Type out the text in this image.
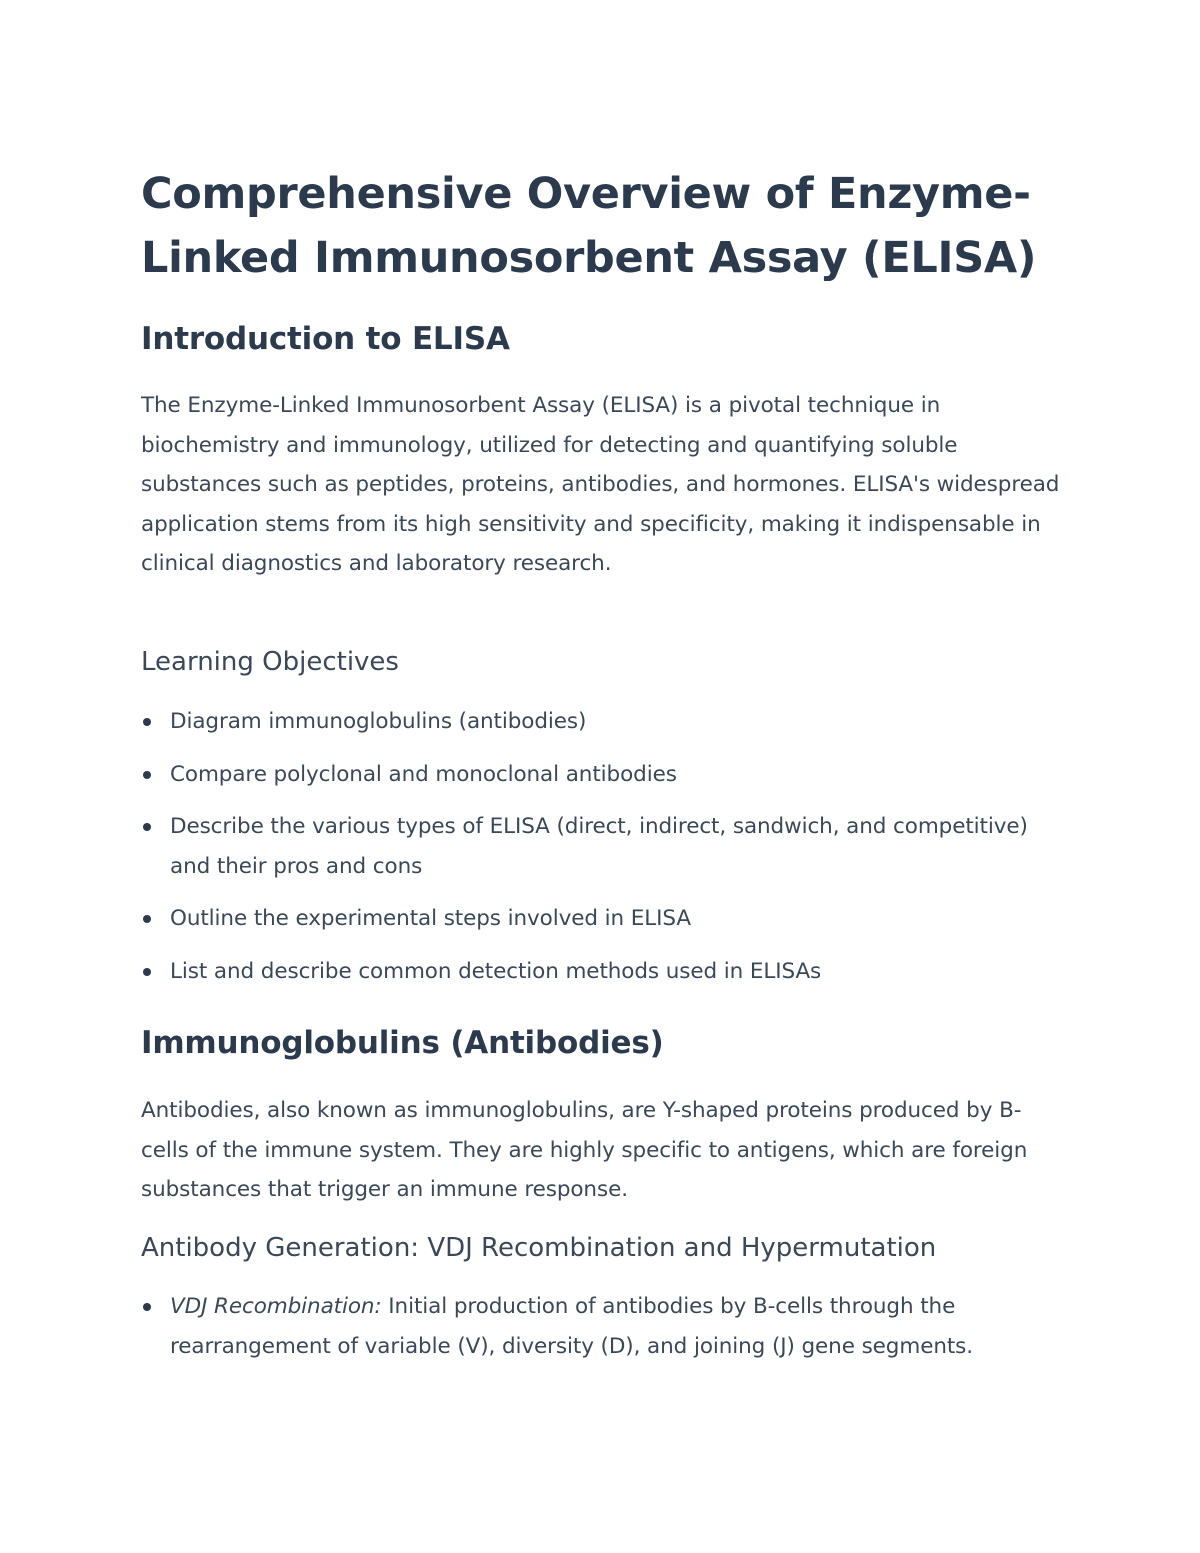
Comprehensive Overview of Enzyme-Linked Immunosorbent Assay (ELISA)
Introduction to ELISA

The Enzyme-Linked Immunosorbent Assay (ELISA) is a pivotal technique in biochemistry and immunology, utilized for detecting and quantifying soluble substances such as peptides, proteins, antibodies, and hormones. ELISA's widespread application stems from its high sensitivity and specificity, making it indispensable in clinical diagnostics and laboratory research.

Learning Objectives
Diagram immunoglobulins (antibodies)
Compare polyclonal and monoclonal antibodies
Describe the various types of ELISA (direct, indirect, sandwich, and competitive) and their pros and cons
Outline the experimental steps involved in ELISA
List and describe common detection methods used in ELISAs
Immunoglobulins (Antibodies)

Antibodies, also known as immunoglobulins, are Y-shaped proteins produced by B-cells of the immune system. They are highly specific to antigens, which are foreign substances that trigger an immune response.

Antibody Generation: VDJ Recombination and Hypermutation
VDJ Recombination: Initial production of antibodies by B-cells through the rearrangement of variable (V), diversity (D), and joining (J) gene segments.
